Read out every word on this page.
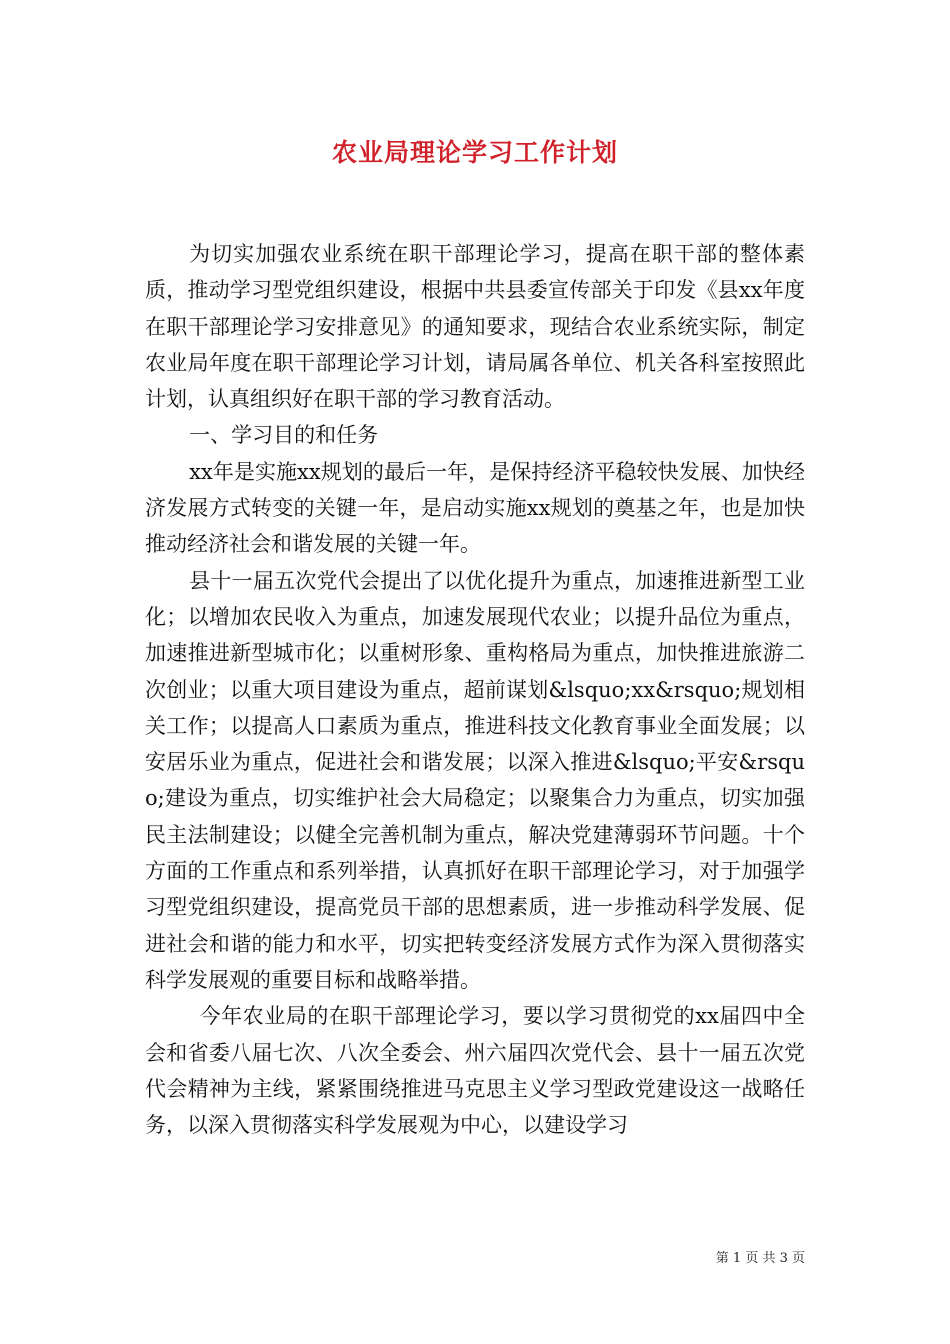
农业局理论学习工作计划

为切实加强农业系统在职干部理论学习，提高在职干部的整体素质，推动学习型党组织建设，根据中共县委宣传部关于印发《县xx年度在职干部理论学习安排意见》的通知要求，现结合农业系统实际，制定农业局年度在职干部理论学习计划，请局属各单位、机关各科室按照此计划，认真组织好在职干部的学习教育活动。

一、学习目的和任务

xx年是实施xx规划的最后一年，是保持经济平稳较快发展、加快经济发展方式转变的关键一年，是启动实施xx规划的奠基之年，也是加快推动经济社会和谐发展的关键一年。

县十一届五次党代会提出了以优化提升为重点，加速推进新型工业化；以增加农民收入为重点，加速发展现代农业；以提升品位为重点，加速推进新型城市化；以重树形象、重构格局为重点，加快推进旅游二次创业；以重大项目建设为重点，超前谋划&lsquo;xx&rsquo;规划相关工作；以提高人口素质为重点，推进科技文化教育事业全面发展；以安居乐业为重点，促进社会和谐发展；以深入推进&lsquo;平安&rsquo;建设为重点，切实维护社会大局稳定；以聚集合力为重点，切实加强民主法制建设；以健全完善机制为重点，解决党建薄弱环节问题。十个方面的工作重点和系列举措，认真抓好在职干部理论学习，对于加强学习型党组织建设，提高党员干部的思想素质，进一步推动科学发展、促进社会和谐的能力和水平，切实把转变经济发展方式作为深入贯彻落实科学发展观的重要目标和战略举措。

今年农业局的在职干部理论学习，要以学习贯彻党的xx届四中全会和省委八届七次、八次全委会、州六届四次党代会、县十一届五次党代会精神为主线，紧紧围绕推进马克思主义学习型政党建设这一战略任务，以深入贯彻落实科学发展观为中心，以建设学习

第 1 页 共 3 页
